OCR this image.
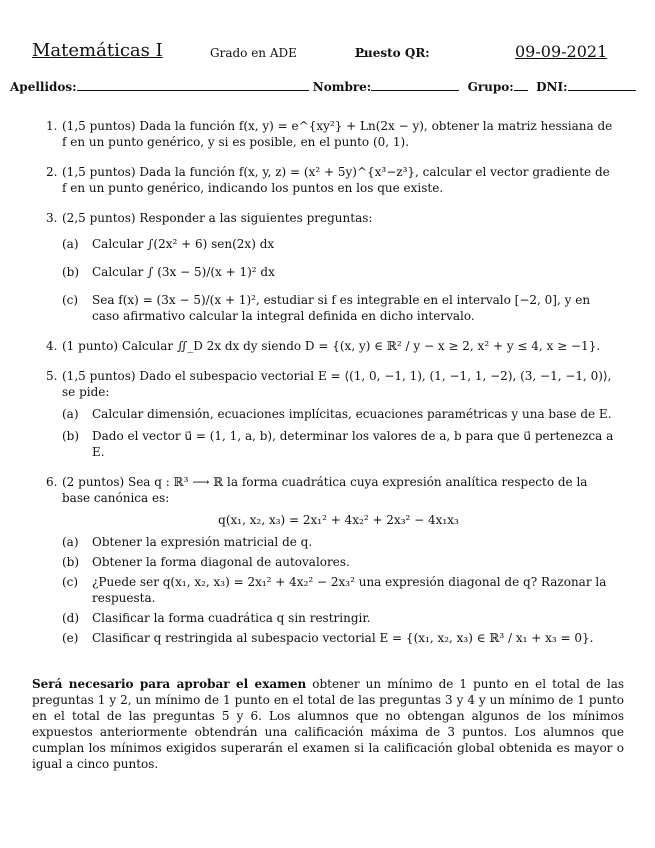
Matemáticas I	Grado en ADE	Puesto QR:	09-09-2021
Apellidos:	Nombre:	Grupo: DNI:
1. (1,5 puntos) Dada la función f(x, y) = e^{xy²} + Ln(2x − y), obtener la matriz hessiana de f en un punto genérico, y si es posible, en el punto (0, 1).
2. (1,5 puntos) Dada la función f(x, y, z) = (x² + 5y)^{x³−z³}, calcular el vector gradiente de f en un punto genérico, indicando los puntos en los que existe.
3. (2,5 puntos) Responder a las siguientes preguntas:
(a) Calcular ∫(2x² + 6) sen(2x) dx
(b) Calcular ∫ (3x − 5)/(x + 1)² dx
(c) Sea f(x) = (3x − 5)/(x + 1)², estudiar si f es integrable en el intervalo [−2, 0], y en caso afirmativo calcular la integral definida en dicho intervalo.
4. (1 punto) Calcular ∬_D 2x dx dy siendo D = {(x, y) ∈ ℝ² / y − x ≥ 2, x² + y ≤ 4, x ≥ −1}.
5. (1,5 puntos) Dado el subespacio vectorial E = ⟨(1, 0, −1, 1), (1, −1, 1, −2), (3, −1, −1, 0)⟩, se pide:
(a) Calcular dimensión, ecuaciones implícitas, ecuaciones paramétricas y una base de E.
(b) Dado el vector u⃗ = (1, 1, a, b), determinar los valores de a, b para que u⃗ pertenezca a E.
6. (2 puntos) Sea q : ℝ³ ⟶ ℝ la forma cuadrática cuya expresión analítica respecto de la base canónica es:
q(x₁, x₂, x₃) = 2x₁² + 4x₂² + 2x₃² − 4x₁x₃
(a) Obtener la expresión matricial de q.
(b) Obtener la forma diagonal de autovalores.
(c) ¿Puede ser q(x₁, x₂, x₃) = 2x₁² + 4x₂² − 2x₃² una expresión diagonal de q? Razonar la respuesta.
(d) Clasificar la forma cuadrática q sin restringir.
(e) Clasificar q restringida al subespacio vectorial E = {(x₁, x₂, x₃) ∈ ℝ³ / x₁ + x₃ = 0}.
Será necesario para aprobar el examen obtener un mínimo de 1 punto en el total de las preguntas 1 y 2, un mínimo de 1 punto en el total de las preguntas 3 y 4 y un mínimo de 1 punto en el total de las preguntas 5 y 6. Los alumnos que no obtengan algunos de los mínimos expuestos anteriormente obtendrán una calificación máxima de 3 puntos. Los alumnos que cumplan los mínimos exigidos superarán el examen si la calificación global obtenida es mayor o igual a cinco puntos.
